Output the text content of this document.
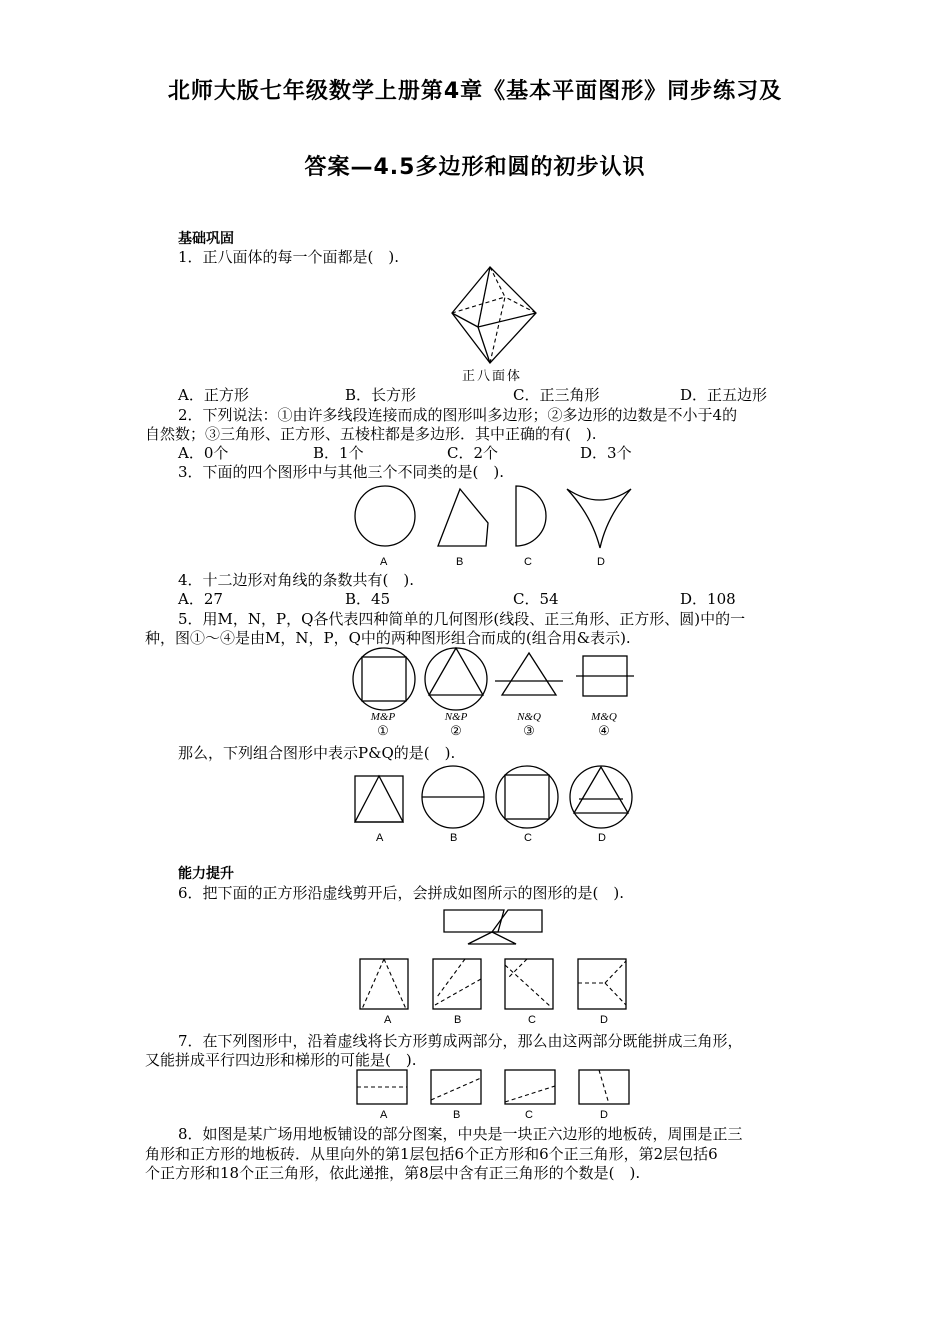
北师大版七年级数学上册第4章《基本平面图形》同步练习及
答案—4.5多边形和圆的初步认识
基础巩固
1．正八面体的每一个面都是(　).
正八面体
A．正方形	B．长方形	C．正三角形	D．正五边形
2．下列说法：①由许多线段连接而成的图形叫多边形；②多边形的边数是不小于4的
自然数；③三角形、正方形、五棱柱都是多边形．其中正确的有(　).
A．0个	B．1个	C．2个	D．3个
3．下面的四个图形中与其他三个不同类的是(　).
A	B	C	D
4．十二边形对角线的条数共有(　).
A．27	B．45	C．54	D．108
5．用M，N，P，Q各代表四种简单的几何图形(线段、正三角形、正方形、圆)中的一
种，图①～④是由M，N，P，Q中的两种图形组合而成的(组合用&表示).
M&P	N&P	N&Q	M&Q
①	②	③	④
那么，下列组合图形中表示P&Q的是(　).
A	B	C	D
能力提升
6．把下面的正方形沿虚线剪开后，会拼成如图所示的图形的是(　).
A	B	C	D
7．在下列图形中，沿着虚线将长方形剪成两部分，那么由这两部分既能拼成三角形，
又能拼成平行四边形和梯形的可能是(　).
A	B	C	D
8．如图是某广场用地板铺设的部分图案，中央是一块正六边形的地板砖，周围是正三
角形和正方形的地板砖．从里向外的第1层包括6个正方形和6个正三角形，第2层包括6
个正方形和18个正三角形，依此递推，第8层中含有正三角形的个数是(　).
